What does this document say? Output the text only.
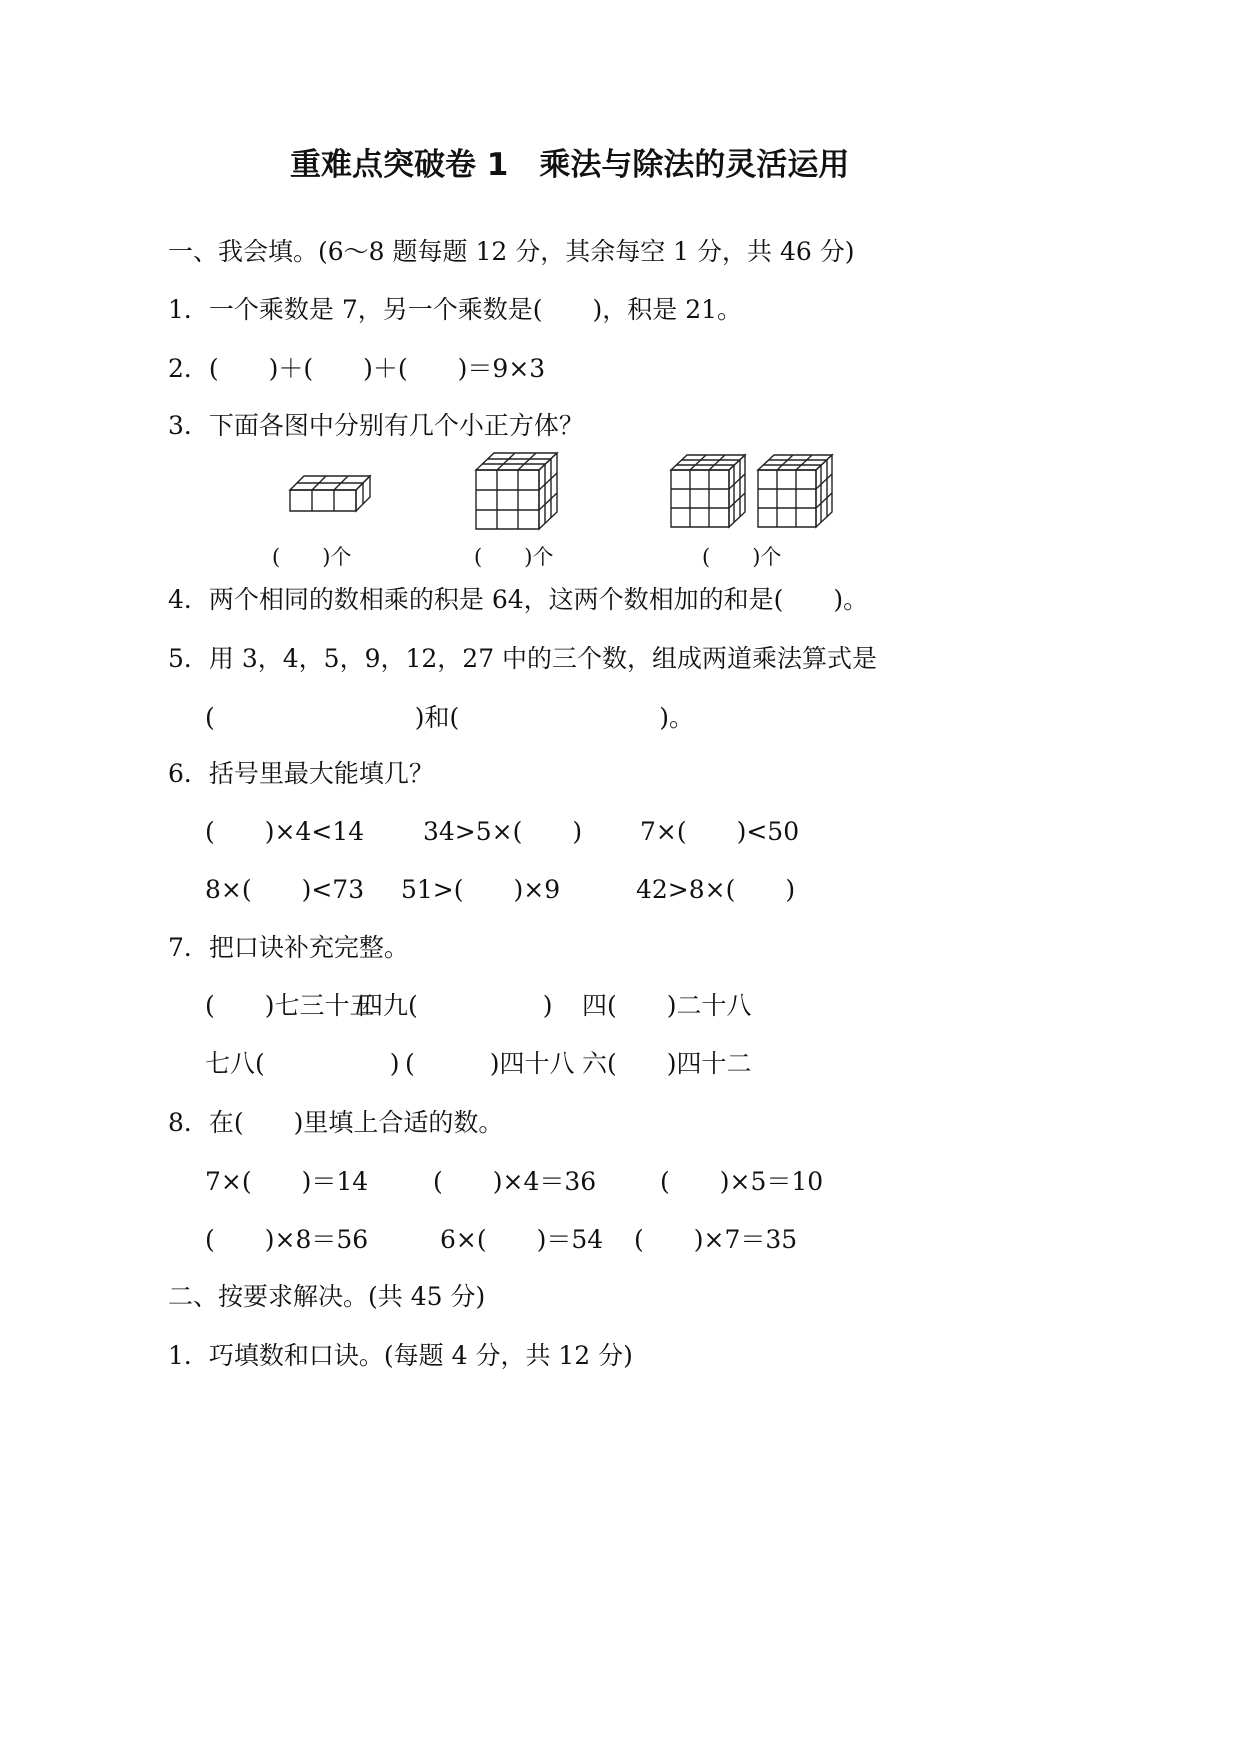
重难点突破卷 1　乘法与除法的灵活运用
一、我会填。(6～8 题每题 12 分，其余每空 1 分，共 46 分)
1．一个乘数是 7，另一个乘数是(　　)，积是 21。
2．(　　)＋(　　)＋(　　)＝9×3
3．下面各图中分别有几个小正方体？
(　　)个	(　　)个	(　　)个
4．两个相同的数相乘的积是 64，这两个数相加的和是(　　)。
5．用 3，4，5，9，12，27 中的三个数，组成两道乘法算式是
(　　　　　　　　)和(　　　　　　　　)。
6．括号里最大能填几？
(　　)×4<14 34>5×(　　) 7×(　　)<50
8×(　　)<73 51>(　　)×9	42>8×(　　)
7．把口诀补充完整。
(　　)七三十五
四九(　　　　　) 四(　　)二十八
七八(　　　　　) (　　　)四十八 六(　　)四十二
8．在(　　)里填上合适的数。
7×(　　)＝14	(　　)×4＝36	(　　)×5＝10
(　　)×8＝56	6×(　　)＝54 (　　)×7＝35
二、按要求解决。(共 45 分)
1．巧填数和口诀。(每题 4 分，共 12 分)
